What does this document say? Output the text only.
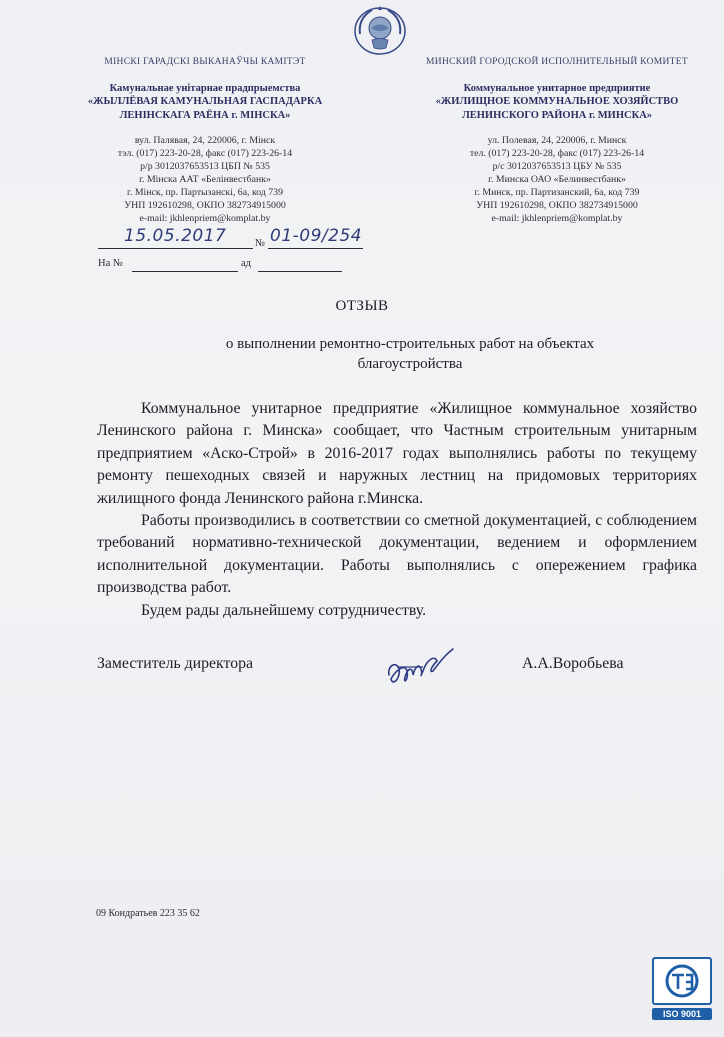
МІНСКІ ГАРАДСКІ ВЫКАНАЎЧЫ КАМІТЭТ
Камунальнае унітарнае прадпрыемства
«ЖЫЛЛЁВАЯ КАМУНАЛЬНАЯ ГАСПАДАРКА
ЛЕНІНСКАГА РАЁНА г. МІНСКА»
вул. Палявая, 24, 220006, г. Мінск
тэл. (017) 223-20-28, факс (017) 223-26-14
р/р 3012037653513 ЦБП № 535
г. Мінска ААТ «Белінвестбанк»
г. Мінск, пр. Партызанскі, 6а, код 739
УНП 192610298, ОКПО 382734915000
e-mail: jkhlenpriem@komplat.by
МИНСКИЙ ГОРОДСКОЙ ИСПОЛНИТЕЛЬНЫЙ КОМИТЕТ
Коммунальное унитарное предприятие
«ЖИЛИЩНОЕ КОММУНАЛЬНОЕ ХОЗЯЙСТВО
ЛЕНИНСКОГО РАЙОНА г. МИНСКА»
ул. Полевая, 24, 220006, г. Минск
тел. (017) 223-20-28, факс (017) 223-26-14
р/с 3012037653513 ЦБУ № 535
г. Минска ОАО «Белинвестбанк»
г. Минск, пр. Партизанский, 6а, код 739
УНП 192610298, ОКПО 382734915000
e-mail: jkhlenpriem@komplat.by
15.05.2017	№ 01-09/254
На №	ад
ОТЗЫВ
о выполнении ремонтно-строительных работ на объектах
благоустройства

Коммунальное унитарное предприятие «Жилищное коммунальное хозяйство Ленинского района г. Минска» сообщает, что Частным строительным унитарным предприятием «Аско-Строй» в 2016-2017 годах выполнялись работы по текущему ремонту пешеходных связей и наружных лестниц на придомовых территориях жилищного фонда Ленинского района г.Минска.

Работы производились в соответствии со сметной документацией, с соблюдением требований нормативно-технической документации, ведением и оформлением исполнительной документации. Работы выполнялись с опережением графика производства работ.

Будем рады дальнейшему сотрудничеству.

Заместитель директора	А.А.Воробьева
09 Кондратьев 223 35 62
ISO 9001
